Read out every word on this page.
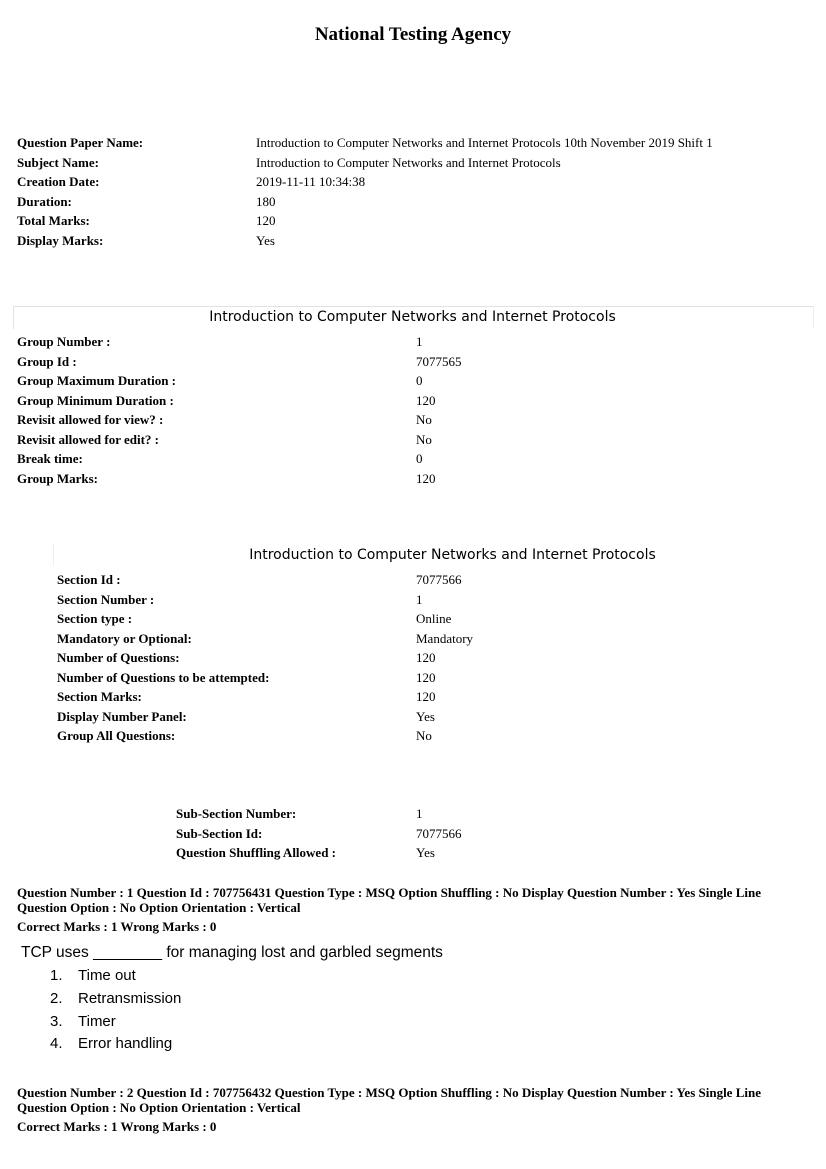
National Testing Agency
Question Paper Name:	Introduction to Computer Networks and Internet Protocols 10th November 2019 Shift 1
Subject Name:	Introduction to Computer Networks and Internet Protocols
Creation Date:	2019-11-11 10:34:38
Duration:	180
Total Marks:	120
Display Marks:	Yes
Introduction to Computer Networks and Internet Protocols
Group Number :	1
Group Id :	7077565
Group Maximum Duration :	0
Group Minimum Duration :	120
Revisit allowed for view? :	No
Revisit allowed for edit? :	No
Break time:	0
Group Marks:	120
Introduction to Computer Networks and Internet Protocols
Section Id :	7077566
Section Number :	1
Section type :	Online
Mandatory or Optional:	Mandatory
Number of Questions:	120
Number of Questions to be attempted:	120
Section Marks:	120
Display Number Panel:	Yes
Group All Questions:	No
Sub-Section Number:	1
Sub-Section Id:	7077566
Question Shuffling Allowed :	Yes
Question Number : 1 Question Id : 707756431 Question Type : MSQ Option Shuffling : No Display Question Number : Yes Single Line Question Option : No Option Orientation : Vertical
Correct Marks : 1 Wrong Marks : 0
TCP uses ________ for managing lost and garbled segments
1. Time out
2. Retransmission
3. Timer
4. Error handling
Question Number : 2 Question Id : 707756432 Question Type : MSQ Option Shuffling : No Display Question Number : Yes Single Line Question Option : No Option Orientation : Vertical
Correct Marks : 1 Wrong Marks : 0
